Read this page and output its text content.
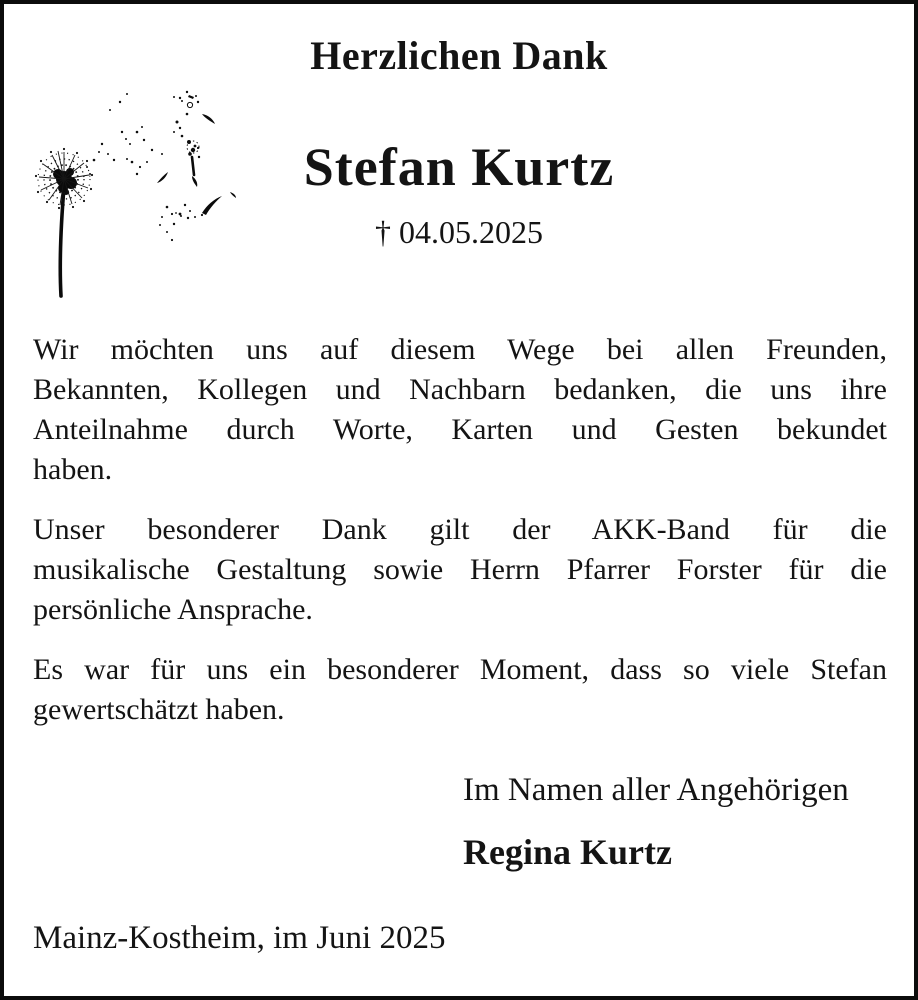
Herzlichen Dank
Stefan Kurtz
† 04.05.2025
Wir möchten uns auf diesem Wege bei allen Freunden,
Bekannten, Kollegen und Nachbarn bedanken, die uns ihre
Anteilnahme durch Worte, Karten und Gesten bekundet
haben.
Unser besonderer Dank gilt der AKK-Band für die
musikalische Gestaltung sowie Herrn Pfarrer Forster für die
persönliche Ansprache.
Es war für uns ein besonderer Moment, dass so viele Stefan
gewertschätzt haben.
Im Namen aller Angehörigen
Regina Kurtz
Mainz-Kostheim, im Juni 2025
